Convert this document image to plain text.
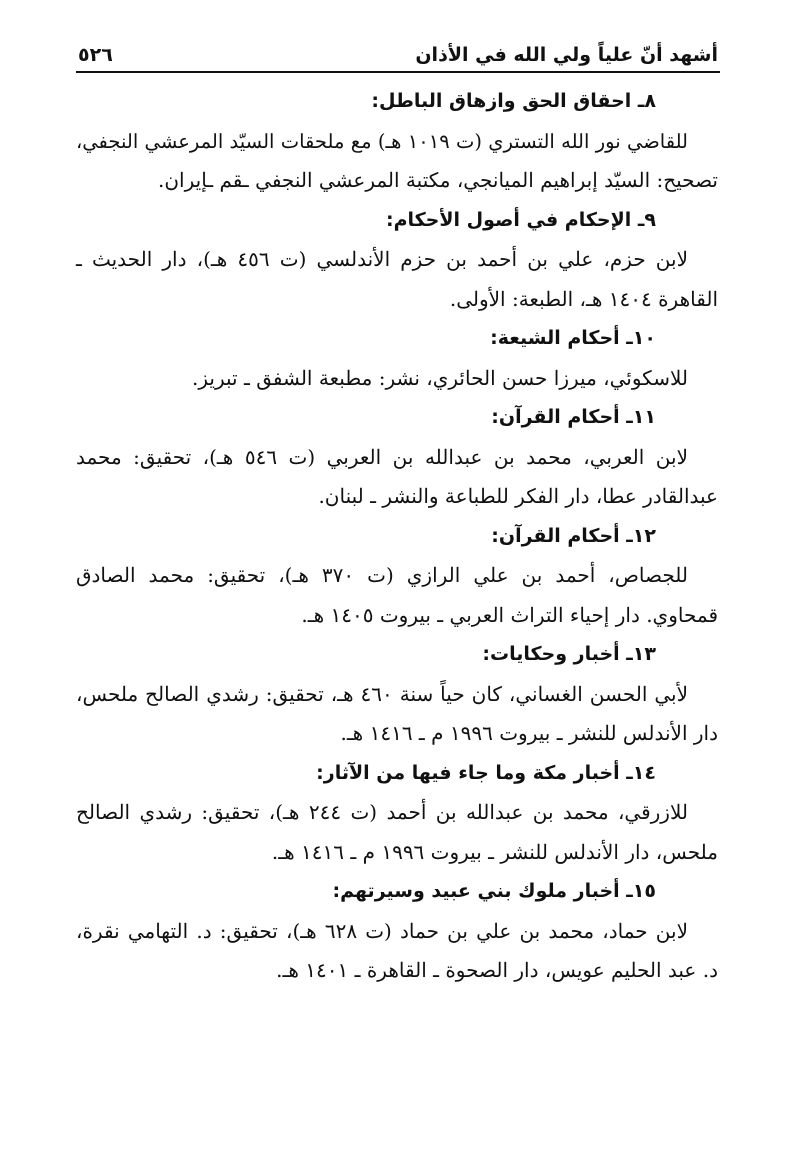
أشهد أنّ علياً ولي الله في الأذان
٥٢٦

٨ـ احقاق الحق وازهاق الباطل:

للقاضي نور الله التستري (ت ١٠١٩ هـ) مع ملحقات السيّد المرعشي النجفي،

تصحيح: السيّد إبراهيم الميانجي، مكتبة المرعشي النجفي ـقم ـإيران.

٩ـ الإحكام في أصول الأحكام:

لابن حزم، علي بن أحمد بن حزم الأندلسي (ت ٤٥٦ هـ)، دار الحديث ـ

القاهرة ١٤٠٤ هـ، الطبعة: الأولى.

١٠ـ أحكام الشيعة:

للاسكوئي، ميرزا حسن الحائري، نشر: مطبعة الشفق ـ تبريز.

١١ـ أحكام القرآن:

لابن العربي، محمد بن عبدالله بن العربي (ت ٥٤٦ هـ)، تحقيق: محمد

عبدالقادر عطا، دار الفكر للطباعة والنشر ـ لبنان.

١٢ـ أحكام القرآن:

للجصاص، أحمد بن علي الرازي (ت ٣٧٠ هـ)، تحقيق: محمد الصادق

قمحاوي. دار إحياء التراث العربي ـ بيروت ١٤٠٥ هـ.

١٣ـ أخبار وحكايات:

لأبي الحسن الغساني، كان حياً سنة ٤٦٠ هـ، تحقيق: رشدي الصالح ملحس،

دار الأندلس للنشر ـ بيروت ١٩٩٦ م ـ ١٤١٦ هـ.

١٤ـ أخبار مكة وما جاء فيها من الآثار:

للازرقي، محمد بن عبدالله بن أحمد (ت ٢٤٤ هـ)، تحقيق: رشدي الصالح

ملحس، دار الأندلس للنشر ـ بيروت ١٩٩٦ م ـ ١٤١٦ هـ.

١٥ـ أخبار ملوك بني عبيد وسيرتهم:

لابن حماد، محمد بن علي بن حماد (ت ٦٢٨ هـ)، تحقيق: د. التهامي نقرة،

د. عبد الحليم عويس، دار الصحوة ـ القاهرة ـ ١٤٠١ هـ.
